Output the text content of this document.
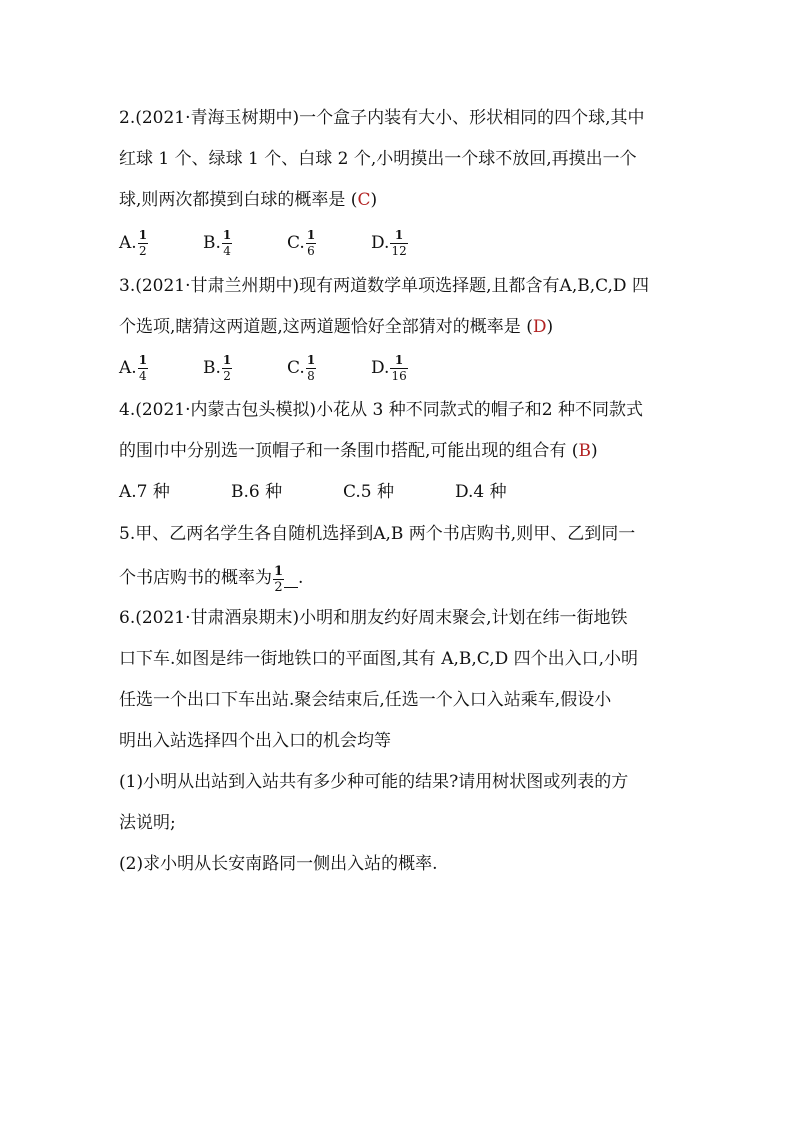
2.(2021·青海玉树期中)一个盒子内装有大小、形状相同的四个球,其中
红球 1 个、绿球 1 个、白球 2 个,小明摸出一个球不放回,再摸出一个
球,则两次都摸到白球的概率是 (C)
A. $\frac{1}{2}$	B. $\frac{1}{4}$	C. $\frac{1}{6}$	D. $\frac{1}{12}$
3.(2021·甘肃兰州期中)现有两道数学单项选择题,且都含有A,B,C,D 四
个选项,瞎猜这两道题,这两道题恰好全部猜对的概率是 (D)
A. $\frac{1}{4}$	B. $\frac{1}{2}$	C. $\frac{1}{8}$	D. $\frac{1}{16}$
4.(2021·内蒙古包头模拟)小花从 3 种不同款式的帽子和2 种不同款式
的围巾中分别选一顶帽子和一条围巾搭配,可能出现的组合有 (B)
A.7 种	B.6 种	C.5 种	D.4 种
5.甲、乙两名学生各自随机选择到A,B 两个书店购书,则甲、乙到同一
个书店购书的概率为 $\frac{1}{2}$ .
6.(2021·甘肃酒泉期末)小明和朋友约好周末聚会,计划在纬一街地铁
口下车.如图是纬一街地铁口的平面图,其有 A,B,C,D 四个出入口,小明
任选一个出口下车出站.聚会结束后,任选一个入口入站乘车,假设小
明出入站选择四个出入口的机会均等
(1)小明从出站到入站共有多少种可能的结果?请用树状图或列表的方
法说明;
(2)求小明从长安南路同一侧出入站的概率.
